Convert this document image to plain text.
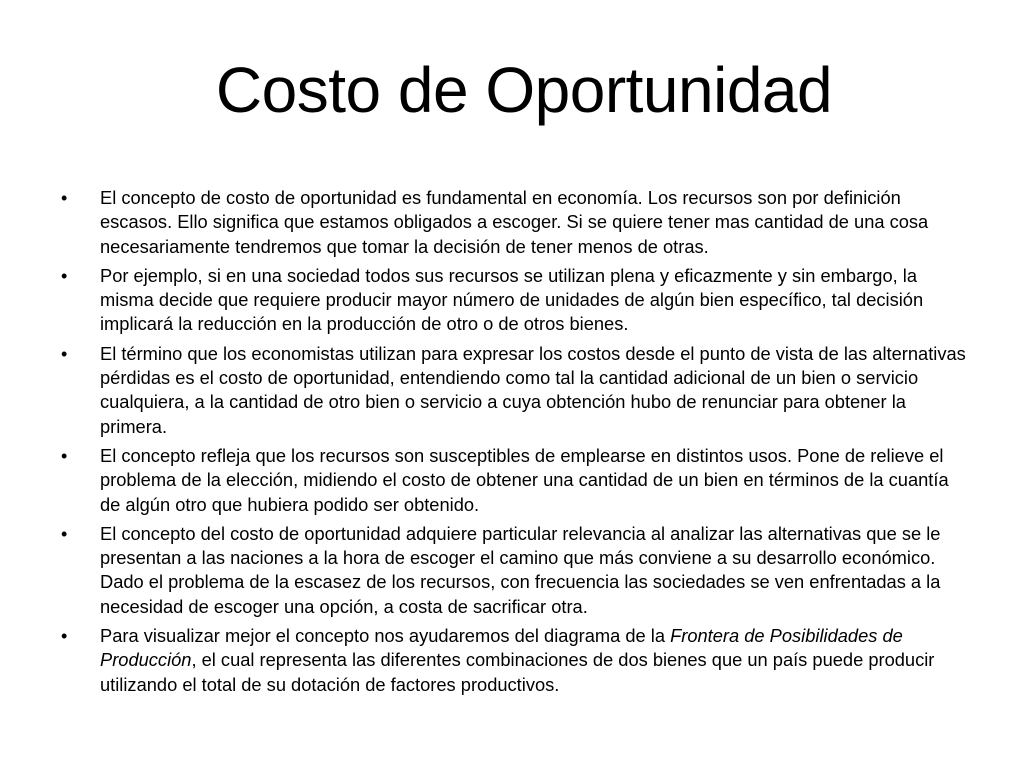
Costo de Oportunidad
• El concepto de costo de oportunidad es fundamental en economía. Los recursos son por definición escasos. Ello significa que estamos obligados a escoger. Si se quiere tener mas cantidad de una cosa necesariamente tendremos que tomar la decisión de tener menos de otras.
• Por ejemplo, si en una sociedad todos sus recursos se utilizan plena y eficazmente y sin embargo, la misma decide que requiere producir mayor número de unidades de algún bien específico, tal decisión implicará la reducción en la producción de otro o de otros bienes.
• El término que los economistas utilizan para expresar los costos desde el punto de vista de las alternativas pérdidas es el costo de oportunidad, entendiendo como tal la cantidad adicional de un bien o servicio cualquiera, a la cantidad de otro bien o servicio a cuya obtención hubo de renunciar para obtener la primera.
• El concepto refleja que los recursos son susceptibles de emplearse en distintos usos. Pone de relieve el problema de la elección, midiendo el costo de obtener una cantidad de un bien en términos de la cuantía de algún otro que hubiera podido ser obtenido.
• El concepto del costo de oportunidad adquiere particular relevancia al analizar las alternativas que se le presentan a las naciones a la hora de escoger el camino que más conviene a su desarrollo económico. Dado el problema de la escasez de los recursos, con frecuencia las sociedades se ven enfrentadas a la necesidad de escoger una opción, a costa de sacrificar otra.
• Para visualizar mejor el concepto nos ayudaremos del diagrama de la Frontera de Posibilidades de Producción, el cual representa las diferentes combinaciones de dos bienes que un país puede producir utilizando el total de su dotación de factores productivos.
